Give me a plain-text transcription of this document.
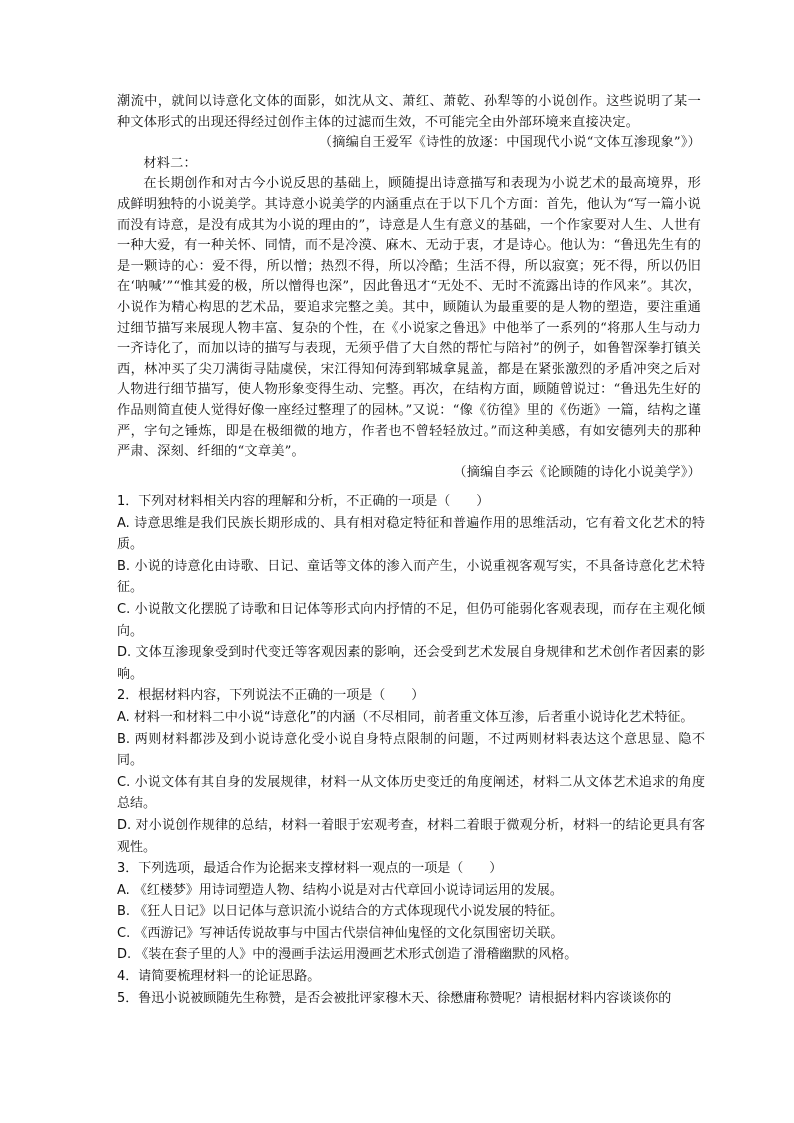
潮流中，就间以诗意化文体的面影，如沈从文、萧红、萧乾、孙犁等的小说创作。这些说明了某一种文体形式的出现还得经过创作主体的过滤而生效，不可能完全由外部环境来直接决定。

（摘编自王爱军《诗性的放逐：中国现代小说“文体互渗现象”》）

材料二：

在长期创作和对古今小说反思的基础上，顾随提出诗意描写和表现为小说艺术的最高境界，形成鲜明独特的小说美学。其诗意小说美学的内涵重点在于以下几个方面：首先，他认为“写一篇小说而没有诗意，是没有成其为小说的理由的”，诗意是人生有意义的基础，一个作家要对人生、人世有一种大爱，有一种关怀、同情，而不是冷漠、麻木、无动于衷，才是诗心。他认为：“鲁迅先生有的是一颗诗的心：爱不得，所以憎；热烈不得，所以冷酷；生活不得，所以寂寞；死不得，所以仍旧在‘呐喊’”“惟其爱的极，所以憎得也深”，因此鲁迅才“无处不、无时不流露出诗的作风来”。其次，小说作为精心构思的艺术品，要追求完整之美。其中，顾随认为最重要的是人物的塑造，要注重通过细节描写来展现人物丰富、复杂的个性，在《小说家之鲁迅》中他举了一系列的“将那人生与动力一齐诗化了，而加以诗的描写与表现，无须乎借了大自然的帮忙与陪衬”的例子，如鲁智深拳打镇关西，林冲买了尖刀满街寻陆虞侯，宋江得知何涛到郓城拿晁盖，都是在紧张激烈的矛盾冲突之后对人物进行细节描写，使人物形象变得生动、完整。再次，在结构方面，顾随曾说过：“鲁迅先生好的作品则简直使人觉得好像一座经过整理了的园林。”又说：“像《彷徨》里的《伤逝》一篇，结构之谨严，字句之锤炼，即是在极细微的地方，作者也不曾轻轻放过。”而这种美感，有如安德列夫的那种严肃、深刻、纤细的“文章美”。

（摘编自李云《论顾随的诗化小说美学》）

1．下列对材料相关内容的理解和分析，不正确的一项是（　　）

A. 诗意思维是我们民族长期形成的、具有相对稳定特征和普遍作用的思维活动，它有着文化艺术的特质。

B. 小说的诗意化由诗歌、日记、童话等文体的渗入而产生，小说重视客观写实，不具备诗意化艺术特征。

C. 小说散文化摆脱了诗歌和日记体等形式向内抒情的不足，但仍可能弱化客观表现，而存在主观化倾向。

D. 文体互渗现象受到时代变迁等客观因素的影响，还会受到艺术发展自身规律和艺术创作者因素的影响。

2．根据材料内容，下列说法不正确的一项是（　　）

A. 材料一和材料二中小说“诗意化”的内涵（不尽相同，前者重文体互渗，后者重小说诗化艺术特征。

B. 两则材料都涉及到小说诗意化受小说自身特点限制的问题，不过两则材料表达这个意思显、隐不同。

C. 小说文体有其自身的发展规律，材料一从文体历史变迁的角度阐述，材料二从文体艺术追求的角度总结。

D. 对小说创作规律的总结，材料一着眼于宏观考查，材料二着眼于微观分析，材料一的结论更具有客观性。

3．下列选项，最适合作为论据来支撑材料一观点的一项是（　　）

A. 《红楼梦》用诗词塑造人物、结构小说是对古代章回小说诗词运用的发展。

B. 《狂人日记》以日记体与意识流小说结合的方式体现现代小说发展的特征。

C. 《西游记》写神话传说故事与中国古代崇信神仙鬼怪的文化氛围密切关联。

D. 《装在套子里的人》中的漫画手法运用漫画艺术形式创造了滑稽幽默的风格。

4．请简要梳理材料一的论证思路。

5．鲁迅小说被顾随先生称赞，是否会被批评家穆木天、徐懋庸称赞呢？请根据材料内容谈谈你的
